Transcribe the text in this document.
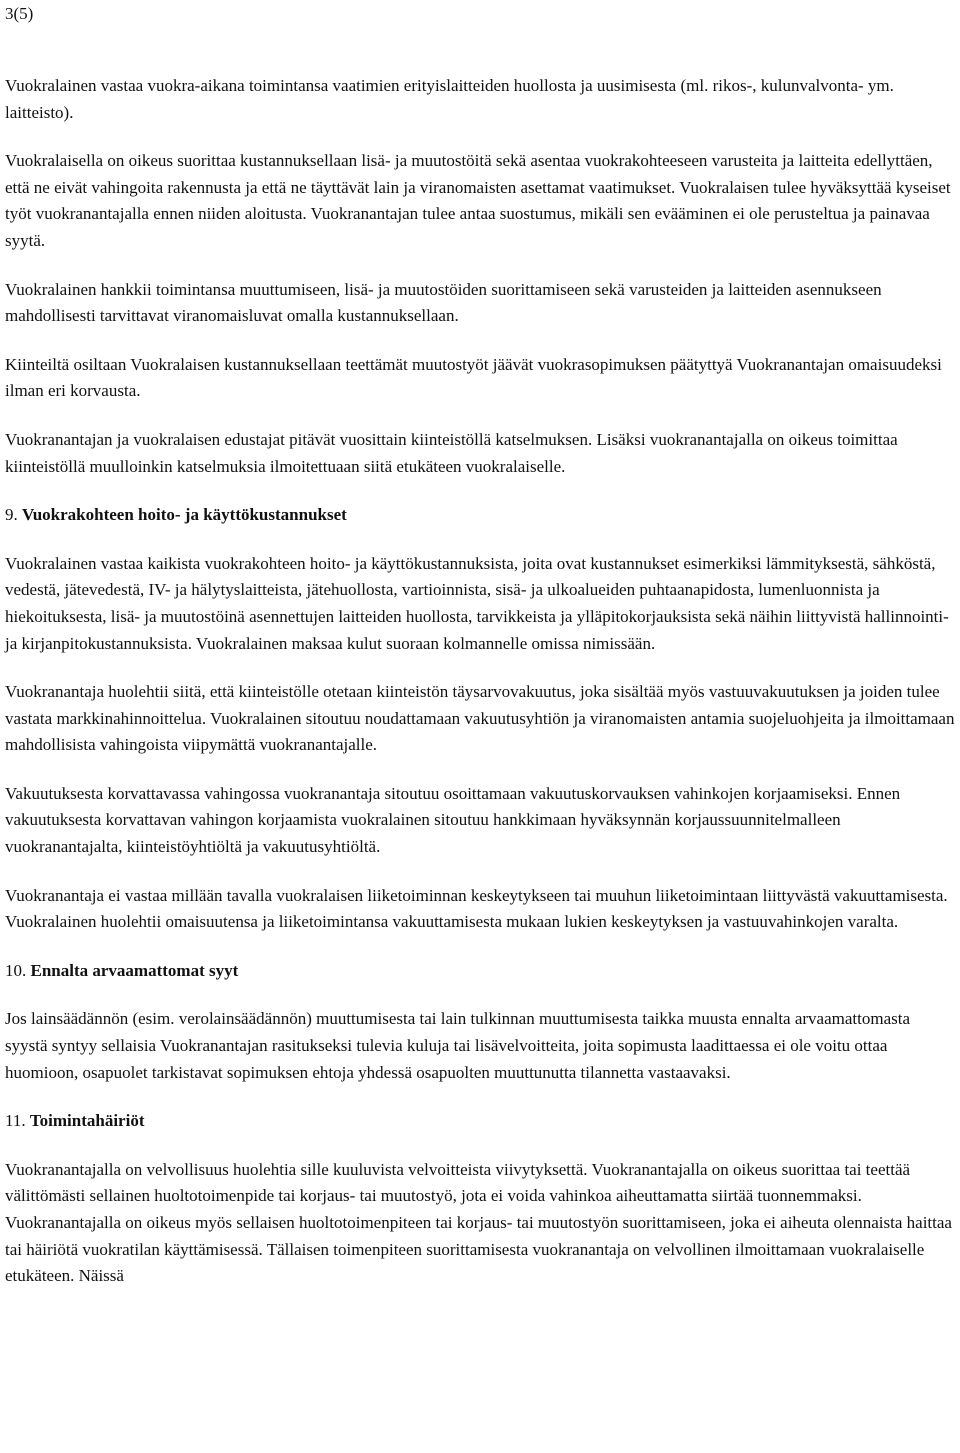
3(5)

Vuokralainen vastaa vuokra-aikana toimintansa vaatimien erityislaitteiden huollosta ja uusimisesta (ml. rikos-, kulunvalvonta- ym. laitteisto).

Vuokralaisella on oikeus suorittaa kustannuksellaan lisä- ja muutostöitä sekä asentaa vuokrakohteeseen varusteita ja laitteita edellyttäen, että ne eivät vahingoita rakennusta ja että ne täyttävät lain ja viranomaisten asettamat vaatimukset. Vuokralaisen tulee hyväksyttää kyseiset työt vuokranantajalla ennen niiden aloitusta. Vuokranantajan tulee antaa suostumus, mikäli sen evääminen ei ole perusteltua ja painavaa syytä.

Vuokralainen hankkii toimintansa muuttumiseen, lisä- ja muutostöiden suorittamiseen sekä varusteiden ja laitteiden asennukseen mahdollisesti tarvittavat viranomaisluvat omalla kustannuksellaan.

Kiinteiltä osiltaan Vuokralaisen kustannuksellaan teettämät muutostyöt jäävät vuokrasopimuksen päätyttyä Vuokranantajan omaisuudeksi ilman eri korvausta.

Vuokranantajan ja vuokralaisen edustajat pitävät vuosittain kiinteistöllä katselmuksen. Lisäksi vuokranantajalla on oikeus toimittaa kiinteistöllä muulloinkin katselmuksia ilmoitettuaan siitä etukäteen vuokralaiselle.

9. Vuokrakohteen hoito- ja käyttökustannukset

Vuokralainen vastaa kaikista vuokrakohteen hoito- ja käyttökustannuksista, joita ovat kustannukset esimerkiksi lämmityksestä, sähköstä, vedestä, jätevedestä, IV- ja hälytyslaitteista, jätehuollosta, vartioinnista, sisä- ja ulkoalueiden puhtaanapidosta, lumenluonnista ja hiekoituksesta, lisä- ja muutostöinä asennettujen laitteiden huollosta, tarvikkeista ja ylläpitokorjauksista sekä näihin liittyvistä hallinnointi- ja kirjanpitokustannuksista. Vuokralainen maksaa kulut suoraan kolmannelle omissa nimissään.

Vuokranantaja huolehtii siitä, että kiinteistölle otetaan kiinteistön täysarvovakuutus, joka sisältää myös vastuuvakuutuksen ja joiden tulee vastata markkinahinnoittelua. Vuokralainen sitoutuu noudattamaan vakuutusyhtiön ja viranomaisten antamia suojeluohjeita ja ilmoittamaan mahdollisista vahingoista viipymättä vuokranantajalle.

Vakuutuksesta korvattavassa vahingossa vuokranantaja sitoutuu osoittamaan vakuutuskorvauksen vahinkojen korjaamiseksi. Ennen vakuutuksesta korvattavan vahingon korjaamista vuokralainen sitoutuu hankkimaan hyväksynnän korjaussuunnitelmalleen vuokranantajalta, kiinteistöyhtiöltä ja vakuutusyhtiöltä.

Vuokranantaja ei vastaa millään tavalla vuokralaisen liiketoiminnan keskeytykseen tai muuhun liiketoimintaan liittyvästä vakuuttamisesta. Vuokralainen huolehtii omaisuutensa ja liiketoimintansa vakuuttamisesta mukaan lukien keskeytyksen ja vastuuvahinkojen varalta.

10. Ennalta arvaamattomat syyt

Jos lainsäädännön (esim. verolainsäädännön) muuttumisesta tai lain tulkinnan muuttumisesta taikka muusta ennalta arvaamattomasta syystä syntyy sellaisia Vuokranantajan rasitukseksi tulevia kuluja tai lisävelvoitteita, joita sopimusta laadittaessa ei ole voitu ottaa huomioon, osapuolet tarkistavat sopimuksen ehtoja yhdessä osapuolten muuttunutta tilannetta vastaavaksi.

11. Toimintahäiriöt

Vuokranantajalla on velvollisuus huolehtia sille kuuluvista velvoitteista viivytyksettä. Vuokranantajalla on oikeus suorittaa tai teettää välittömästi sellainen huoltotoimenpide tai korjaus- tai muutostyö, jota ei voida vahinkoa aiheuttamatta siirtää tuonnemmaksi. Vuokranantajalla on oikeus myös sellaisen huoltotoimenpiteen tai korjaus- tai muutostyön suorittamiseen, joka ei aiheuta olennaista haittaa tai häiriötä vuokratilan käyttämisessä. Tällaisen toimenpiteen suorittamisesta vuokranantaja on velvollinen ilmoittamaan vuokralaiselle etukäteen. Näissä
